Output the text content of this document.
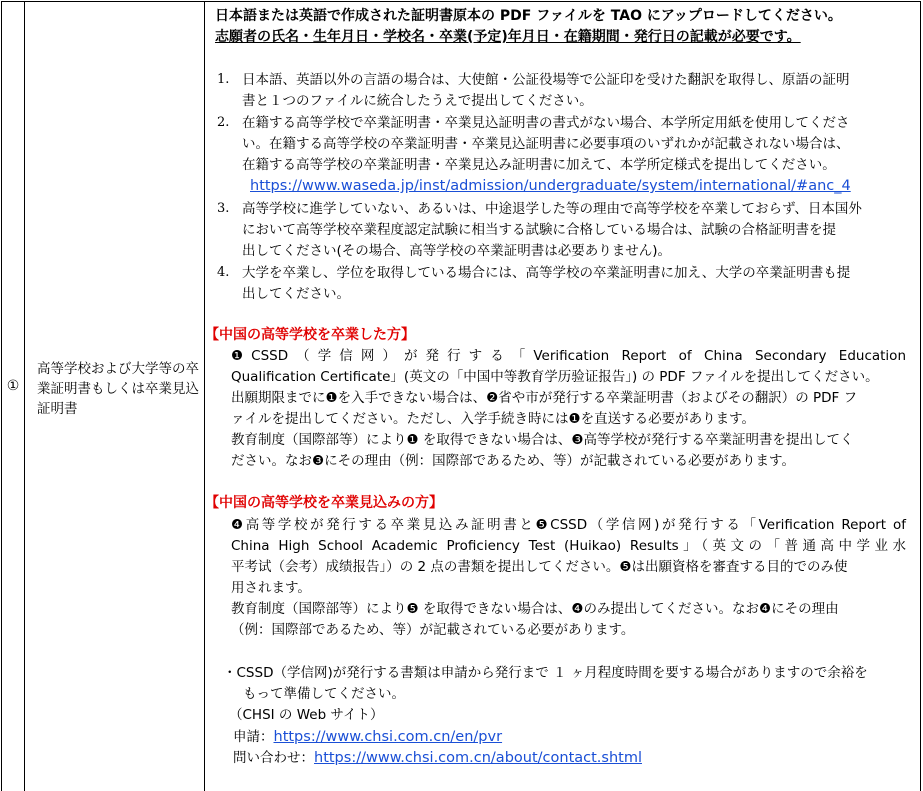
①
高等学校および大学等の卒業証明書もしくは卒業見込証明書
日本語または英語で作成された証明書原本の PDF ファイルを TAO にアップロードしてください。
志願者の氏名・生年月日・学校名・卒業(予定)年月日・在籍期間・発行日の記載が必要です。
1. 日本語、英語以外の言語の場合は、大使館・公証役場等で公証印を受けた翻訳を取得し、原語の証明
書と１つのファイルに統合したうえで提出してください。
2. 在籍する高等学校で卒業証明書・卒業見込証明書の書式がない場合、本学所定用紙を使用してくださ
い。在籍する高等学校の卒業証明書・卒業見込証明書に必要事項のいずれかが記載されない場合は、
在籍する高等学校の卒業証明書・卒業見込み証明書に加えて、本学所定様式を提出してください。
https://www.waseda.jp/inst/admission/undergraduate/system/international/#anc_4
3. 高等学校に進学していない、あるいは、中途退学した等の理由で高等学校を卒業しておらず、日本国外
において高等学校卒業程度認定試験に相当する試験に合格している場合は、試験の合格証明書を提
出してください(その場合、高等学校の卒業証明書は必要ありません)。
4. 大学を卒業し、学位を取得している場合には、高等学校の卒業証明書に加え、大学の卒業証明書も提
出してください。
【中国の高等学校を卒業した方】
❶CSSD（学信网）が発行する「Verification Report of China Secondary Education
Qualification Certificate」(英文の「中国中等教育学历验证报告」) の PDF ファイルを提出してください。
出願期限までに❶を入手できない場合は、❷省や市が発行する卒業証明書（およびその翻訳）の PDF フ
ァイルを提出してください。ただし、入学手続き時には❶を直送する必要があります。
教育制度（国際部等）により❶ を取得できない場合は、❸高等学校が発行する卒業証明書を提出してく
ださい。なお❸にその理由（例：国際部であるため、等）が記載されている必要があります。
【中国の高等学校を卒業見込みの方】
❹高等学校が発行する卒業見込み証明書と❺CSSD（学信网)が発行する「Verification Report of
China High School Academic Proficiency Test (Huikao) Results」（英文の「普通高中学业水
平考试（会考）成绩报告」）の 2 点の書類を提出してください。❺は出願資格を審査する目的でのみ使
用されます。
教育制度（国際部等）により❺ を取得できない場合は、❹のみ提出してください。なお❹にその理由
（例：国際部であるため、等）が記載されている必要があります。
・CSSD（学信网)が発行する書類は申請から発行まで １ ヶ月程度時間を要する場合がありますので余裕を
もって準備してください。
（CHSI の Web サイト）
申請：https://www.chsi.com.cn/en/pvr
問い合わせ：https://www.chsi.com.cn/about/contact.shtml
